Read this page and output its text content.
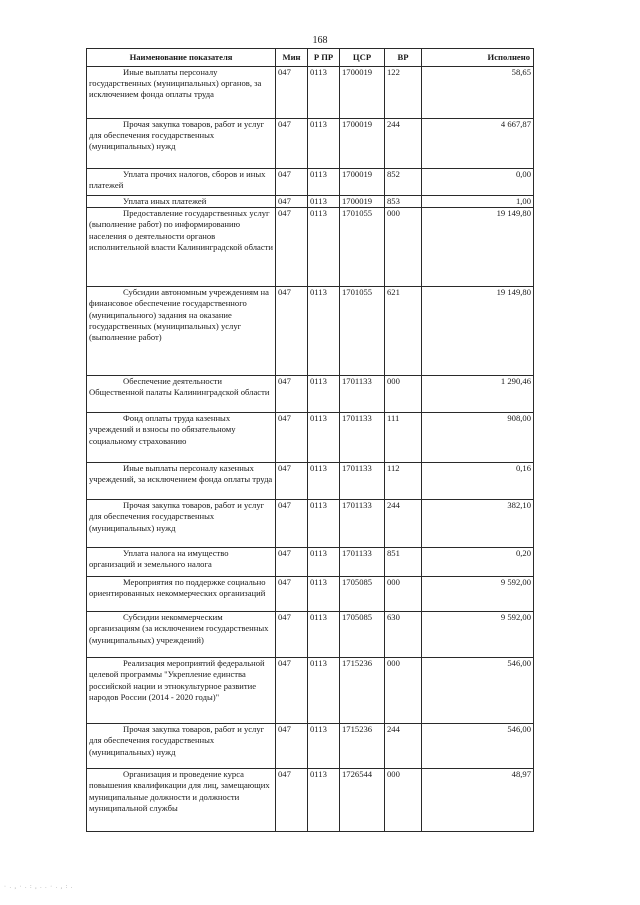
168
Наименование показателя	Мин	Р ПР	ЦСР	ВР	Исполнено

Иные выплаты персоналу государственных (муниципальных) органов, за исключением фонда оплаты труда	047	0113	1700019	122	58,65

Прочая закупка товаров, работ и услуг для обеспечения государственных (муниципальных) нужд	047	0113	1700019	244	4 667,87

Уплата прочих налогов, сборов и иных платежей	047	0113	1700019	852	0,00

Уплата иных платежей	047	0113	1700019	853	1,00

Предоставление государственных услуг (выполнение работ) по информированию населения о деятельности органов исполнительной власти Калининградской области	047	0113	1701055	000	19 149,80

Субсидии автономным учреждениям на финансовое обеспечение государственного (муниципального) задания на оказание государственных (муниципальных) услуг (выполнение работ)	047	0113	1701055	621	19 149,80

Обеспечение деятельности Общественной палаты Калининградской области	047	0113	1701133	000	1 290,46

Фонд оплаты труда казенных учреждений и взносы по обязательному социальному страхованию	047	0113	1701133	111	908,00

Иные выплаты персоналу казенных учреждений, за исключением фонда оплаты труда	047	0113	1701133	112	0,16

Прочая закупка товаров, работ и услуг для обеспечения государственных (муниципальных) нужд	047	0113	1701133	244	382,10

Уплата налога на имущество организаций и земельного налога	047	0113	1701133	851	0,20

Мероприятия по поддержке социально ориентированных некоммерческих организаций	047	0113	1705085	000	9 592,00

Субсидии некоммерческим организациям (за исключением государственных (муниципальных) учреждений)	047	0113	1705085	630	9 592,00

Реализация мероприятий федеральной целевой программы "Укрепление единства российской нации и этнокультурное развитие народов России (2014 - 2020 годы)"	047	0113	1715236	000	546,00

Прочая закупка товаров, работ и услуг для обеспечения государственных (муниципальных) нужд	047	0113	1715236	244	546,00

Организация и проведение курса повышения квалификации для лиц, замещающих муниципальные должности и должности муниципальной службы	047	0113	1726544	000	48,97
· . , · . : , . . · . , : .
